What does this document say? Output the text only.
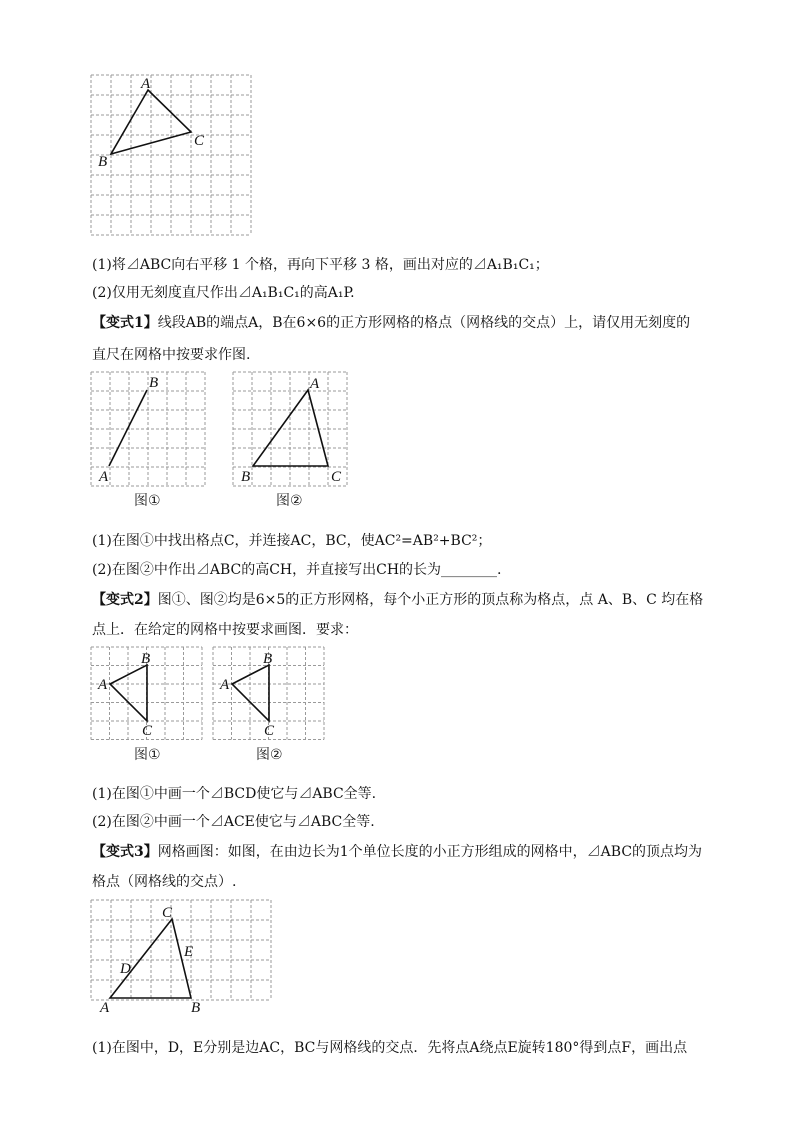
A
B
C
(1)将⊿ABC向右平移 1 个格，再向下平移 3 格，画出对应的⊿A₁B₁C₁；
(2)仅用无刻度直尺作出⊿A₁B₁C₁的高A₁P.
【变式1】线段AB的端点A，B在6×6的正方形网格的格点（网格线的交点）上，请仅用无刻度的
直尺在网格中按要求作图.
A
B
图①
A
B	C
图②
(1)在图①中找出格点C，并连接AC，BC，使AC²=AB²+BC²；
(2)在图②中作出⊿ABC的高CH，并直接写出CH的长为________.
【变式2】图①、图②均是6×5的正方形网格，每个小正方形的顶点称为格点，点 A、B、C 均在格
点上．在给定的网格中按要求画图．要求：
A
B
C
图①
A
B
C
图②
(1)在图①中画一个⊿BCD使它与⊿ABC全等.
(2)在图②中画一个⊿ACE使它与⊿ABC全等.
【变式3】网格画图：如图，在由边长为1个单位长度的小正方形组成的网格中，⊿ABC的顶点均为
格点（网格线的交点）.
A	B
C
D
E
(1)在图中，D，E分别是边AC，BC与网格线的交点．先将点A绕点E旋转180°得到点F，画出点
